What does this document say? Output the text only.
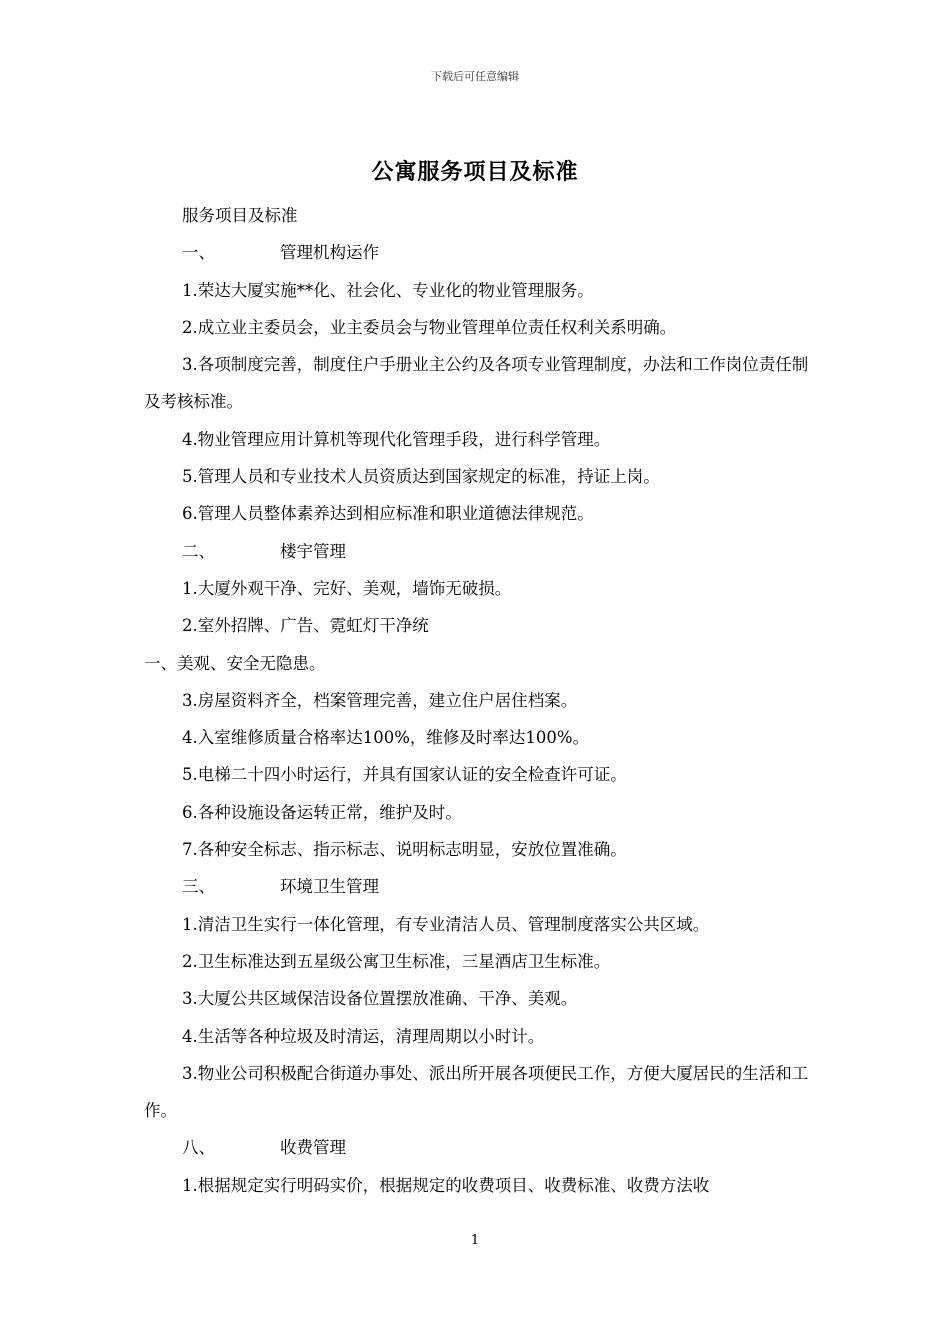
下载后可任意编辑
公寓服务项目及标准

服务项目及标准

一、	管理机构运作

1.荣达大厦实施**化、社会化、专业化的物业管理服务。

2.成立业主委员会，业主委员会与物业管理单位责任权利关系明确。

3.各项制度完善，制度住户手册业主公约及各项专业管理制度，办法和工作岗位责任制及考核标准。

4.物业管理应用计算机等现代化管理手段，进行科学管理。

5.管理人员和专业技术人员资质达到国家规定的标准，持证上岗。

6.管理人员整体素养达到相应标准和职业道德法律规范。

二、	楼宇管理

1.大厦外观干净、完好、美观，墙饰无破损。

2.室外招牌、广告、霓虹灯干净统

一、美观、安全无隐患。

3.房屋资料齐全，档案管理完善，建立住户居住档案。

4.入室维修质量合格率达100%，维修及时率达100%。

5.电梯二十四小时运行，并具有国家认证的安全检查许可证。

6.各种设施设备运转正常，维护及时。

7.各种安全标志、指示标志、说明标志明显，安放位置准确。

三、	环境卫生管理

1.清洁卫生实行一体化管理，有专业清洁人员、管理制度落实公共区域。

2.卫生标准达到五星级公寓卫生标准，三星酒店卫生标准。

3.大厦公共区域保洁设备位置摆放准确、干净、美观。

4.生活等各种垃圾及时清运，清理周期以小时计。

3.物业公司积极配合街道办事处、派出所开展各项便民工作，方便大厦居民的生活和工作。

八、	收费管理

1.根据规定实行明码实价，根据规定的收费项目、收费标准、收费方法收

1
